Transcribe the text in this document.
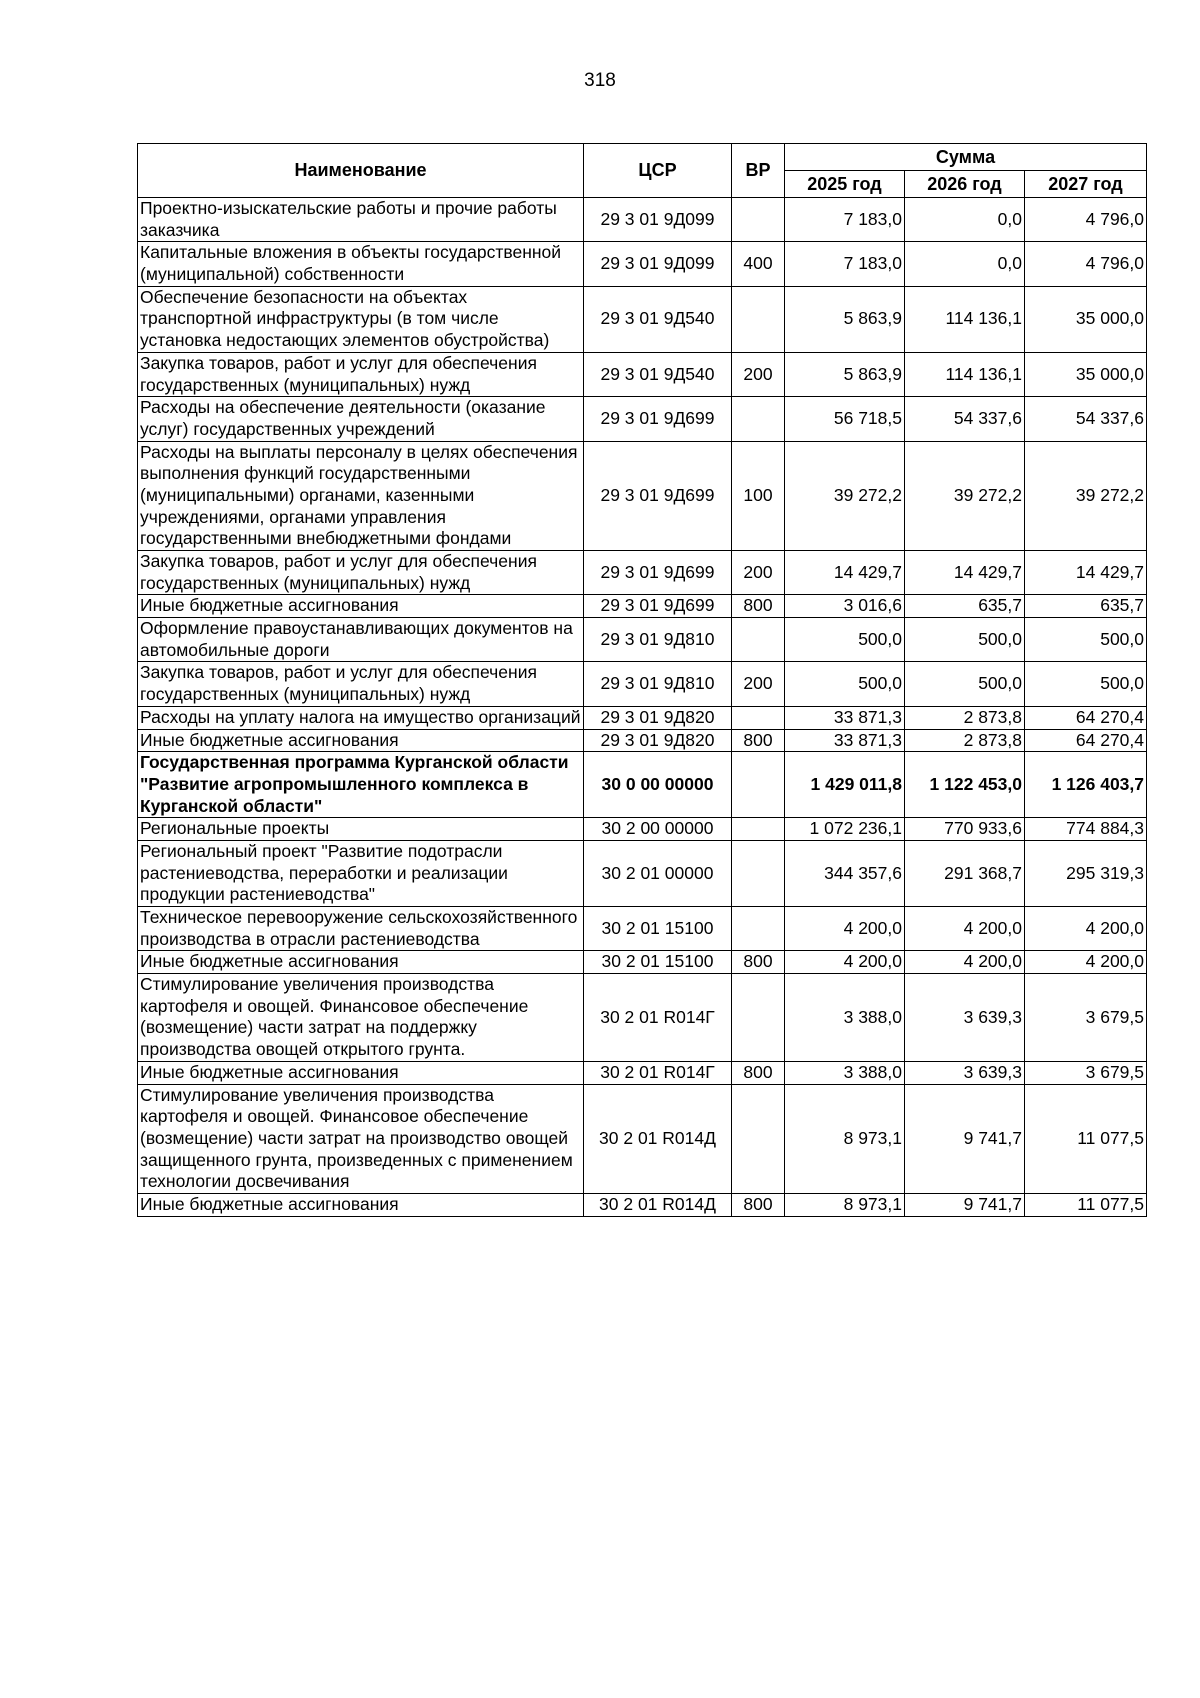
318
Наименование	ЦСР	ВР	Сумма		
			2025 год	2026 год	2027 год
Проектно-изыскательские работы и прочие работы заказчика	29 3 01 9Д099		7 183,0	0,0	4 796,0
Капитальные вложения в объекты государственной (муниципальной) собственности	29 3 01 9Д099	400	7 183,0	0,0	4 796,0
Обеспечение безопасности на объектах транспортной инфраструктуры (в том числе установка недостающих элементов обустройства)	29 3 01 9Д540		5 863,9	114 136,1	35 000,0
Закупка товаров, работ и услуг для обеспечения государственных (муниципальных) нужд	29 3 01 9Д540	200	5 863,9	114 136,1	35 000,0
Расходы на обеспечение деятельности (оказание услуг) государственных учреждений	29 3 01 9Д699		56 718,5	54 337,6	54 337,6
Расходы на выплаты персоналу в целях обеспечения выполнения функций государственными (муниципальными) органами, казенными учреждениями, органами управления государственными внебюджетными фондами	29 3 01 9Д699	100	39 272,2	39 272,2	39 272,2
Закупка товаров, работ и услуг для обеспечения государственных (муниципальных) нужд	29 3 01 9Д699	200	14 429,7	14 429,7	14 429,7
Иные бюджетные ассигнования	29 3 01 9Д699	800	3 016,6	635,7	635,7
Оформление правоустанавливающих документов на автомобильные дороги	29 3 01 9Д810		500,0	500,0	500,0
Закупка товаров, работ и услуг для обеспечения государственных (муниципальных) нужд	29 3 01 9Д810	200	500,0	500,0	500,0
Расходы на уплату налога на имущество организаций	29 3 01 9Д820		33 871,3	2 873,8	64 270,4
Иные бюджетные ассигнования	29 3 01 9Д820	800	33 871,3	2 873,8	64 270,4
Государственная программа Курганской области "Развитие агропромышленного комплекса в Курганской области"	30 0 00 00000		1 429 011,8	1 122 453,0	1 126 403,7
Региональные проекты	30 2 00 00000		1 072 236,1	770 933,6	774 884,3
Региональный проект "Развитие подотрасли растениеводства, переработки и реализации продукции растениеводства"	30 2 01 00000		344 357,6	291 368,7	295 319,3
Техническое перевооружение сельскохозяйственного производства в отрасли растениеводства	30 2 01 15100		4 200,0	4 200,0	4 200,0
Иные бюджетные ассигнования	30 2 01 15100	800	4 200,0	4 200,0	4 200,0
Стимулирование увеличения производства картофеля и овощей. Финансовое обеспечение (возмещение) части затрат на поддержку производства овощей открытого грунта.	30 2 01 R014Г		3 388,0	3 639,3	3 679,5
Иные бюджетные ассигнования	30 2 01 R014Г	800	3 388,0	3 639,3	3 679,5
Стимулирование увеличения производства картофеля и овощей. Финансовое обеспечение (возмещение) части затрат на производство овощей защищенного грунта, произведенных с применением технологии досвечивания	30 2 01 R014Д		8 973,1	9 741,7	11 077,5
Иные бюджетные ассигнования	30 2 01 R014Д	800	8 973,1	9 741,7	11 077,5
